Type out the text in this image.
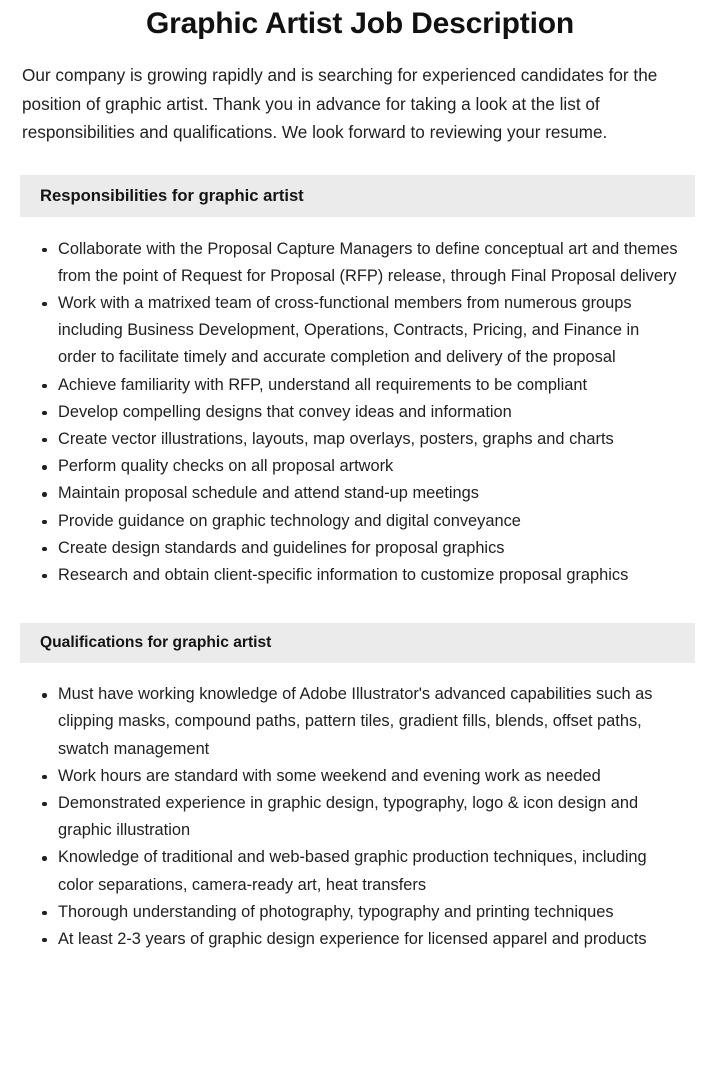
Graphic Artist Job Description

Our company is growing rapidly and is searching for experienced candidates for the position of graphic artist. Thank you in advance for taking a look at the list of responsibilities and qualifications. We look forward to reviewing your resume.

Responsibilities for graphic artist
Collaborate with the Proposal Capture Managers to define conceptual art and themes from the point of Request for Proposal (RFP) release, through Final Proposal delivery
Work with a matrixed team of cross-functional members from numerous groups including Business Development, Operations, Contracts, Pricing, and Finance in order to facilitate timely and accurate completion and delivery of the proposal
Achieve familiarity with RFP, understand all requirements to be compliant
Develop compelling designs that convey ideas and information
Create vector illustrations, layouts, map overlays, posters, graphs and charts
Perform quality checks on all proposal artwork
Maintain proposal schedule and attend stand-up meetings
Provide guidance on graphic technology and digital conveyance
Create design standards and guidelines for proposal graphics
Research and obtain client-specific information to customize proposal graphics
Qualifications for graphic artist
Must have working knowledge of Adobe Illustrator's advanced capabilities such as clipping masks, compound paths, pattern tiles, gradient fills, blends, offset paths, swatch management
Work hours are standard with some weekend and evening work as needed
Demonstrated experience in graphic design, typography, logo & icon design and graphic illustration
Knowledge of traditional and web-based graphic production techniques, including color separations, camera-ready art, heat transfers
Thorough understanding of photography, typography and printing techniques
At least 2-3 years of graphic design experience for licensed apparel and products
